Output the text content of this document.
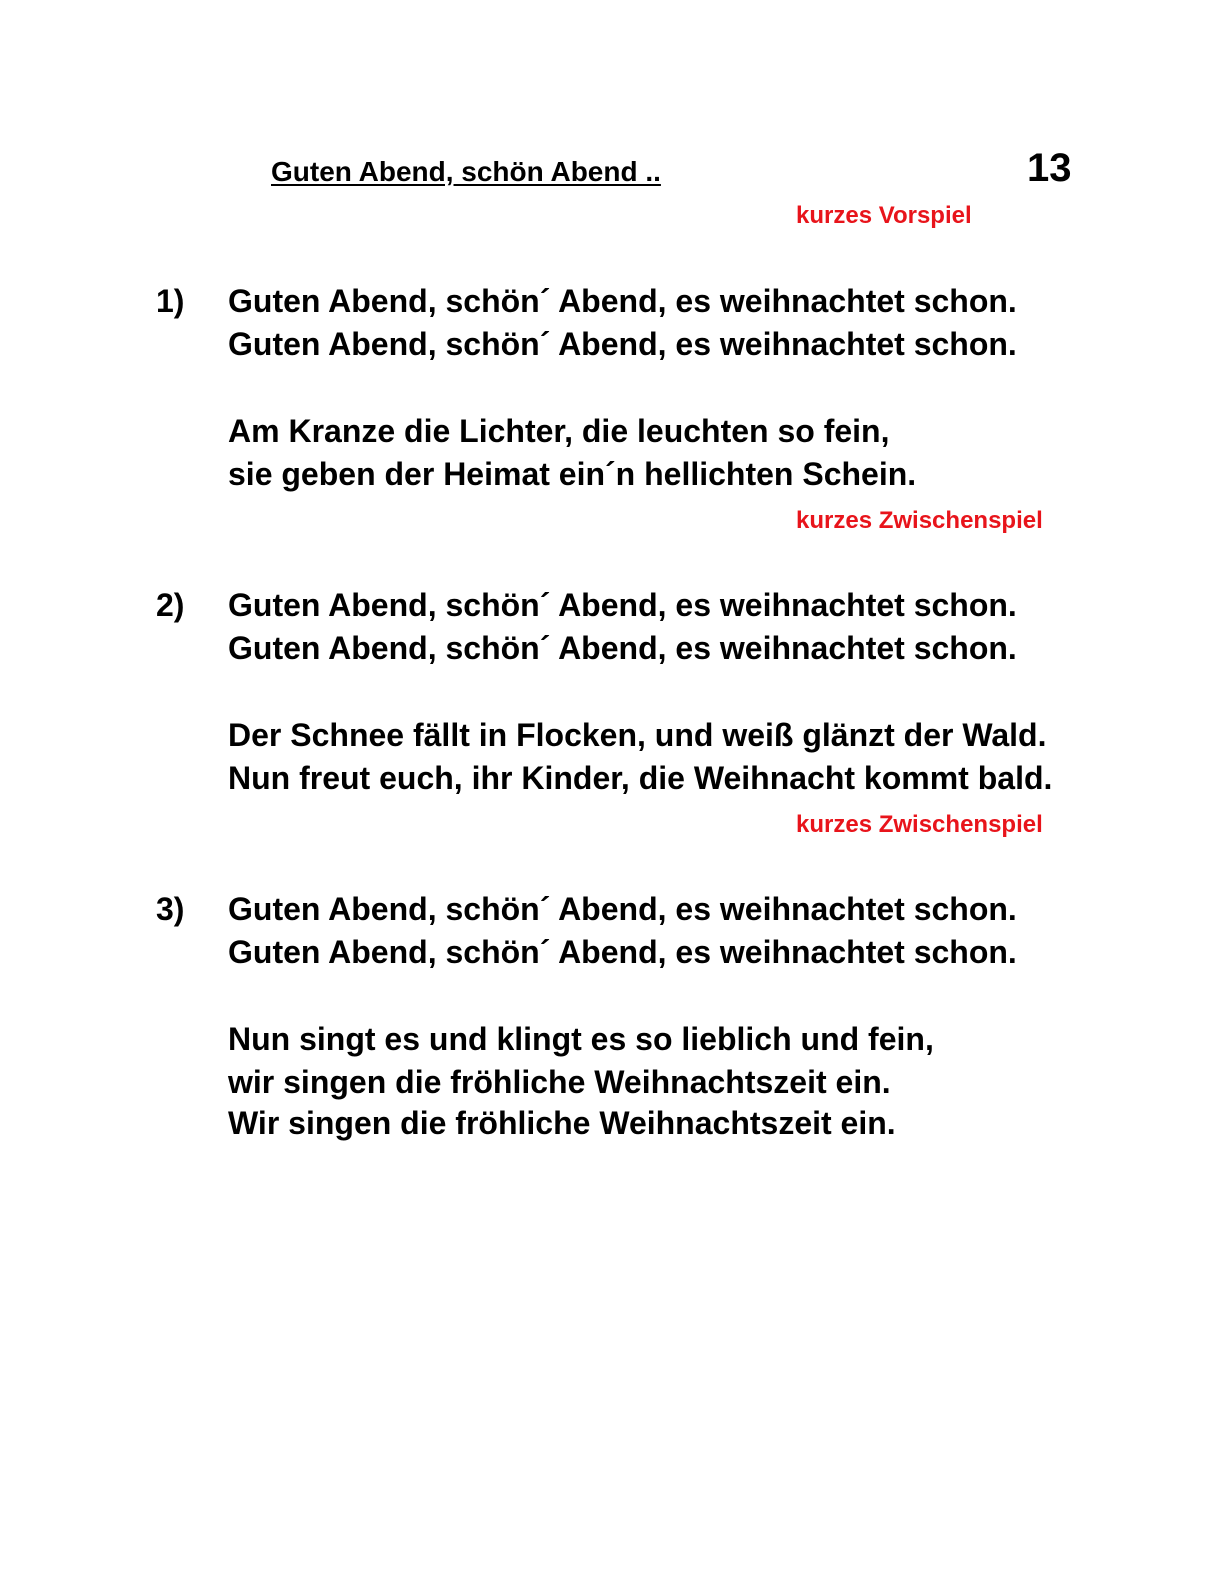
Guten Abend, schön Abend ..	13
kurzes Vorspiel
1) Guten Abend, schön´ Abend, es weihnachtet schon.
Guten Abend, schön´ Abend, es weihnachtet schon.
Am Kranze die Lichter, die leuchten so fein,
sie geben der Heimat ein´n hellichten Schein.
kurzes Zwischenspiel
2) Guten Abend, schön´ Abend, es weihnachtet schon.
Guten Abend, schön´ Abend, es weihnachtet schon.
Der Schnee fällt in Flocken, und weiß glänzt der Wald.
Nun freut euch, ihr Kinder, die Weihnacht kommt bald.
kurzes Zwischenspiel
3) Guten Abend, schön´ Abend, es weihnachtet schon.
Guten Abend, schön´ Abend, es weihnachtet schon.
Nun singt es und klingt es so lieblich und fein,
wir singen die fröhliche Weihnachtszeit ein.
Wir singen die fröhliche Weihnachtszeit ein.
